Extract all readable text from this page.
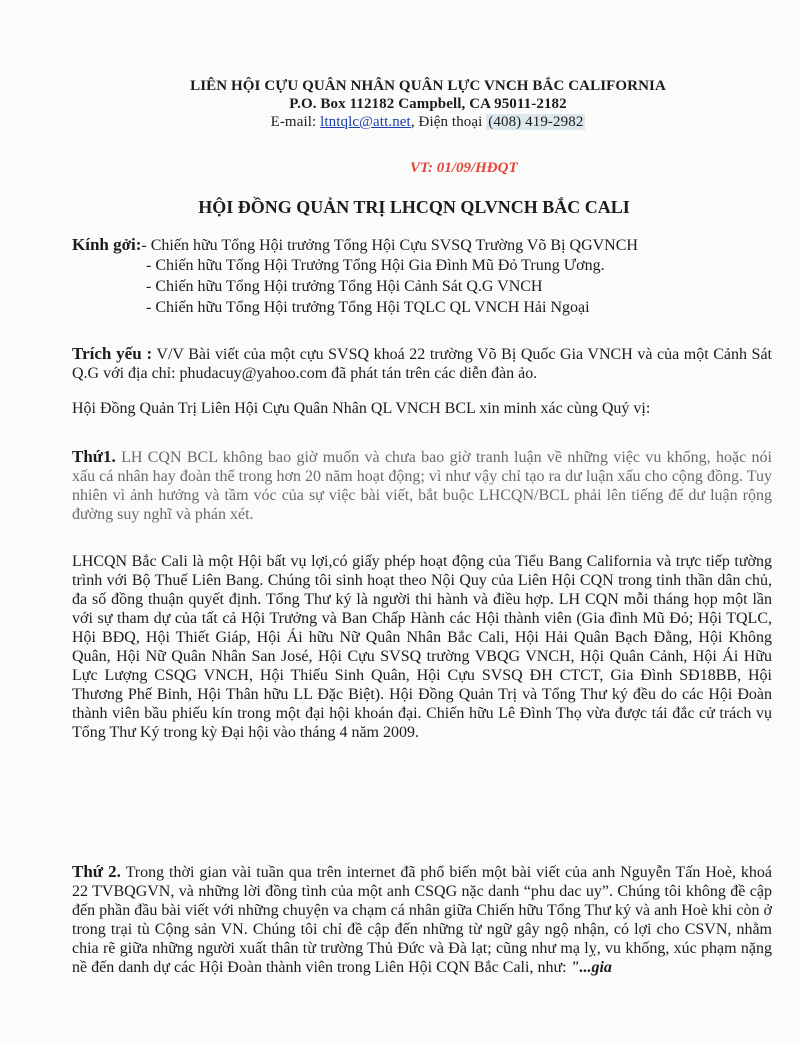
LIÊN HỘI CỰU QUÂN NHÂN QUÂN LỰC VNCH BẮC CALIFORNIA
P.O. Box 112182 Campbell, CA 95011-2182
E-mail: ltntqlc@att.net, Điện thoại (408) 419-2982
VT: 01/09/HĐQT
HỘI ĐỒNG QUẢN TRỊ LHCQN QLVNCH BẮC CALI
Kính gởi:- Chiến hữu Tổng Hội trưởng Tổng Hội Cựu SVSQ Trường Võ Bị QGVNCH
- Chiến hữu Tổng Hội Trưởng Tổng Hội Gia Đình Mũ Đỏ Trung Ương.
- Chiến hữu Tổng Hội trưởng Tổng Hội Cảnh Sát Q.G VNCH
- Chiến hữu Tổng Hội trưởng Tổng Hội TQLC QL VNCH Hải Ngoại
Trích yếu : V/V Bài viết của một cựu SVSQ khoá 22 trường Võ Bị Quốc Gia VNCH và của một Cảnh Sát Q.G với địa chỉ: phudacuy@yahoo.com đã phát tán trên các diễn đàn ảo.
Hội Đồng Quản Trị Liên Hội Cựu Quân Nhân QL VNCH BCL xin minh xác cùng Quý vị:
Thứ1. LH CQN BCL không bao giờ muốn và chưa bao giờ tranh luận về những việc vu khống, hoặc nói xấu cá nhân hay đoàn thể trong hơn 20 năm hoạt động; vì như vậy chỉ tạo ra dư luận xấu cho cộng đồng. Tuy nhiên vì ảnh hưởng và tầm vóc của sự việc bài viết, bắt buộc LHCQN/BCL phải lên tiếng để dư luận rộng đường suy nghĩ và phán xét.
LHCQN Bắc Cali là một Hội bất vụ lợi,có giấy phép hoạt động của Tiểu Bang California và trực tiếp tường trình với Bộ Thuế Liên Bang. Chúng tôi sinh hoạt theo Nội Quy của Liên Hội CQN trong tinh thần dân chủ, đa số đồng thuận quyết định. Tổng Thư ký là người thi hành và điều hợp. LH CQN mỗi tháng họp một lần với sự tham dự của tất cả Hội Trưởng và Ban Chấp Hành các Hội thành viên (Gia đình Mũ Đỏ; Hội TQLC, Hội BĐQ, Hội Thiết Giáp, Hội Ái hữu Nữ Quân Nhân Bắc Cali, Hội Hải Quân Bạch Đằng, Hội Không Quân, Hội Nữ Quân Nhân San José, Hội Cựu SVSQ trường VBQG VNCH, Hội Quân Cảnh, Hội Ái Hữu Lực Lượng CSQG VNCH, Hội Thiếu Sinh Quân, Hội Cựu SVSQ ĐH CTCT, Gia Đình SĐ18BB, Hội Thương Phế Binh, Hội Thân hữu LL Đặc Biệt). Hội Đồng Quản Trị và Tổng Thư ký đều do các Hội Đoàn thành viên bầu phiếu kín trong một đại hội khoán đại. Chiến hữu Lê Đình Thọ vừa được tái đắc cử trách vụ Tổng Thư Ký trong kỳ Đại hội vào tháng 4 năm 2009.
Thứ 2. Trong thời gian vài tuần qua trên internet đã phổ biến một bài viết của anh Nguyễn Tấn Hoè, khoá 22 TVBQGVN, và những lời đồng tình của một anh CSQG nặc danh “phu dac uy”. Chúng tôi không đề cập đến phần đầu bài viết với những chuyện va chạm cá nhân giữa Chiến hữu Tổng Thư ký và anh Hoè khi còn ở trong trại tù Cộng sản VN. Chúng tôi chỉ đề cập đến những từ ngữ gây ngộ nhận, có lợi cho CSVN, nhằm chia rẽ giữa những người xuất thân từ trường Thủ Đức và Đà lạt; cũng như mạ lỵ, vu khống, xúc phạm nặng nề đến danh dự các Hội Đoàn thành viên trong Liên Hội CQN Bắc Cali, như: "...gia
